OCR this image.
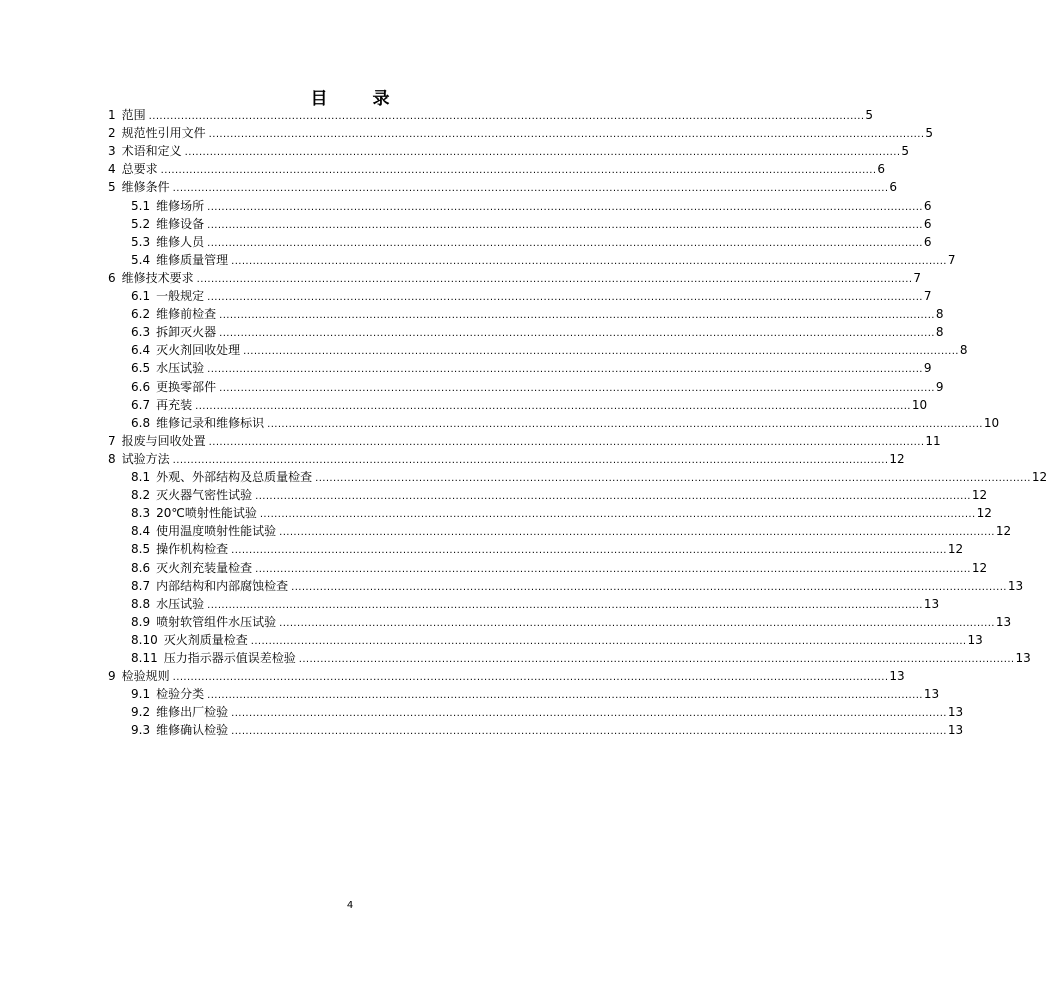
目　录
1 范围 ........................................................................................................................................................................................................ 5
2 规范性引用文件 ........................................................................................................................................................................................................ 5
3 术语和定义 ........................................................................................................................................................................................................ 5
4 总要求 ........................................................................................................................................................................................................ 6
5 维修条件 ........................................................................................................................................................................................................ 6
5.1 维修场所 ........................................................................................................................................................................................................ 6
5.2 维修设备 ........................................................................................................................................................................................................ 6
5.3 维修人员 ........................................................................................................................................................................................................ 6
5.4 维修质量管理 ........................................................................................................................................................................................................ 7
6 维修技术要求 ........................................................................................................................................................................................................ 7
6.1 一般规定 ........................................................................................................................................................................................................ 7
6.2 维修前检查 ........................................................................................................................................................................................................ 8
6.3 拆卸灭火器 ........................................................................................................................................................................................................ 8
6.4 灭火剂回收处理 ........................................................................................................................................................................................................ 8
6.5 水压试验 ........................................................................................................................................................................................................ 9
6.6 更换零部件 ........................................................................................................................................................................................................ 9
6.7 再充装 ........................................................................................................................................................................................................ 10
6.8 维修记录和维修标识 ........................................................................................................................................................................................................ 10
7 报废与回收处置 ........................................................................................................................................................................................................ 11
8 试验方法 ........................................................................................................................................................................................................ 12
8.1 外观、外部结构及总质量检查 ........................................................................................................................................................................................................ 12
8.2 灭火器气密性试验 ........................................................................................................................................................................................................ 12
8.3 20℃喷射性能试验 ........................................................................................................................................................................................................ 12
8.4 使用温度喷射性能试验 ........................................................................................................................................................................................................ 12
8.5 操作机构检查 ........................................................................................................................................................................................................ 12
8.6 灭火剂充装量检查 ........................................................................................................................................................................................................ 12
8.7 内部结构和内部腐蚀检查 ........................................................................................................................................................................................................ 13
8.8 水压试验 ........................................................................................................................................................................................................ 13
8.9 喷射软管组件水压试验 ........................................................................................................................................................................................................ 13
8.10 灭火剂质量检查 ........................................................................................................................................................................................................ 13
8.11 压力指示器示值误差检验 ........................................................................................................................................................................................................ 13
9 检验规则 ........................................................................................................................................................................................................ 13
9.1 检验分类 ........................................................................................................................................................................................................ 13
9.2 维修出厂检验 ........................................................................................................................................................................................................ 13
9.3 维修确认检验 ........................................................................................................................................................................................................ 13
4
